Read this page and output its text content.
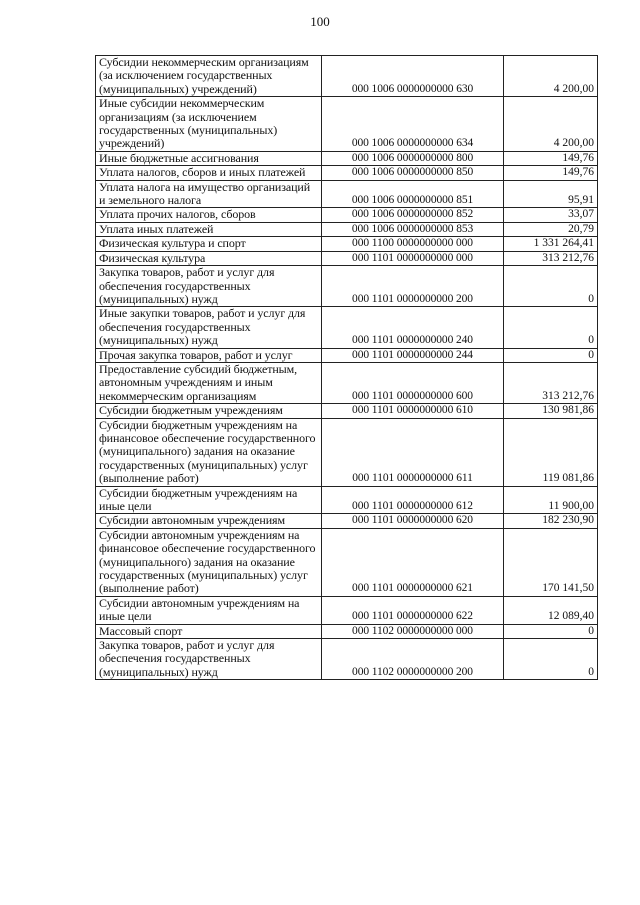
100
Субсидии некоммерческим организациям (за исключением государственных (муниципальных) учреждений)	000 1006 0000000000 630	4 200,00
Иные субсидии некоммерческим организациям (за исключением государственных (муниципальных) учреждений)	000 1006 0000000000 634	4 200,00
Иные бюджетные ассигнования	000 1006 0000000000 800	149,76
Уплата налогов, сборов и иных платежей	000 1006 0000000000 850	149,76
Уплата налога на имущество организаций и земельного налога	000 1006 0000000000 851	95,91
Уплата прочих налогов, сборов	000 1006 0000000000 852	33,07
Уплата иных платежей	000 1006 0000000000 853	20,79
Физическая культура и спорт	000 1100 0000000000 000	1 331 264,41
Физическая культура	000 1101 0000000000 000	313 212,76
Закупка товаров, работ и услуг для обеспечения государственных (муниципальных) нужд	000 1101 0000000000 200	0
Иные закупки товаров, работ и услуг для обеспечения государственных (муниципальных) нужд	000 1101 0000000000 240	0
Прочая закупка товаров, работ и услуг	000 1101 0000000000 244	0
Предоставление субсидий бюджетным, автономным учреждениям и иным некоммерческим организациям	000 1101 0000000000 600	313 212,76
Субсидии бюджетным учреждениям	000 1101 0000000000 610	130 981,86
Субсидии бюджетным учреждениям на финансовое обеспечение государственного (муниципального) задания на оказание государственных (муниципальных) услуг (выполнение работ)	000 1101 0000000000 611	119 081,86
Субсидии бюджетным учреждениям на иные цели	000 1101 0000000000 612	11 900,00
Субсидии автономным учреждениям	000 1101 0000000000 620	182 230,90
Субсидии автономным учреждениям на финансовое обеспечение государственного (муниципального) задания на оказание государственных (муниципальных) услуг (выполнение работ)	000 1101 0000000000 621	170 141,50
Субсидии автономным учреждениям на иные цели	000 1101 0000000000 622	12 089,40
Массовый спорт	000 1102 0000000000 000	0
Закупка товаров, работ и услуг для обеспечения государственных (муниципальных) нужд	000 1102 0000000000 200	0
